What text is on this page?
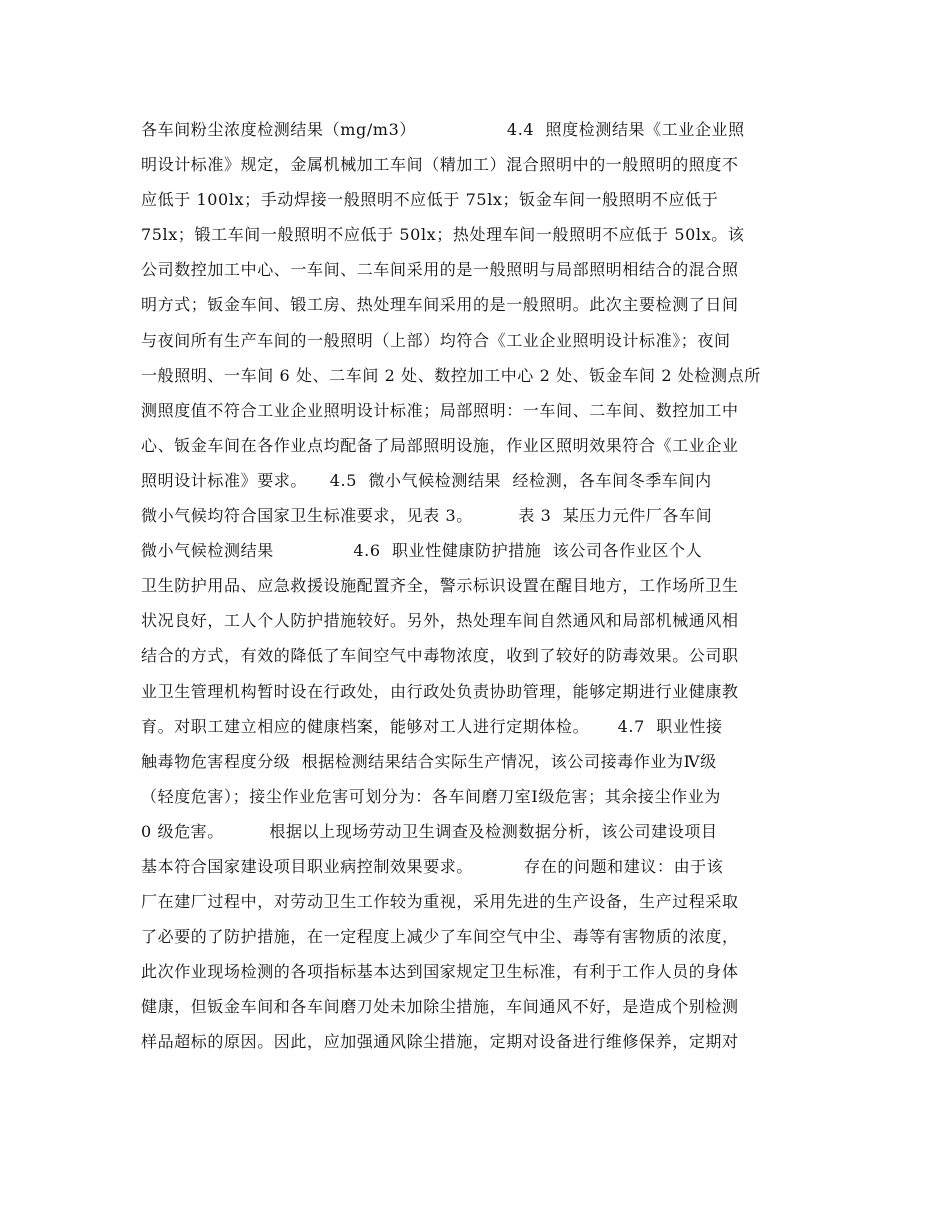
各车间粉尘浓度检测结果（mg/m3）                4.4  照度检测结果《工业企业照
明设计标准》规定，金属机械加工车间（精加工）混合照明中的一般照明的照度不
应低于 100lx；手动焊接一般照明不应低于 75lx；钣金车间一般照明不应低于
75lx；锻工车间一般照明不应低于 50lx；热处理车间一般照明不应低于 50lx。该
公司数控加工中心、一车间、二车间采用的是一般照明与局部照明相结合的混合照
明方式；钣金车间、锻工房、热处理车间采用的是一般照明。此次主要检测了日间
与夜间所有生产车间的一般照明（上部）均符合《工业企业照明设计标准》；夜间
一般照明、一车间 6 处、二车间 2 处、数控加工中心 2 处、钣金车间 2 处检测点所
测照度值不符合工业企业照明设计标准；局部照明：一车间、二车间、数控加工中
心、钣金车间在各作业点均配备了局部照明设施，作业区照明效果符合《工业企业
照明设计标准》要求。    4.5  微小气候检测结果  经检测，各车间冬季车间内
微小气候均符合国家卫生标准要求，见表 3。        表 3  某压力元件厂各车间
微小气候检测结果              4.6  职业性健康防护措施  该公司各作业区个人
卫生防护用品、应急救援设施配置齐全，警示标识设置在醒目地方，工作场所卫生
状况良好，工人个人防护措施较好。另外，热处理车间自然通风和局部机械通风相
结合的方式，有效的降低了车间空气中毒物浓度，收到了较好的防毒效果。公司职
业卫生管理机构暂时设在行政处，由行政处负责协助管理，能够定期进行业健康教
育。对职工建立相应的健康档案，能够对工人进行定期体检。     4.7  职业性接
触毒物危害程度分级  根据检测结果结合实际生产情况，该公司接毒作业为Ⅳ级
（轻度危害）；接尘作业危害可划分为：各车间磨刀室Ⅰ级危害；其余接尘作业为
0 级危害。        根据以上现场劳动卫生调查及检测数据分析，该公司建设项目
基本符合国家建设项目职业病控制效果要求。         存在的问题和建议：由于该
厂在建厂过程中，对劳动卫生工作较为重视，采用先进的生产设备，生产过程采取
了必要的了防护措施，在一定程度上减少了车间空气中尘、毒等有害物质的浓度，
此次作业现场检测的各项指标基本达到国家规定卫生标准，有利于工作人员的身体
健康，但钣金车间和各车间磨刀处未加除尘措施，车间通风不好，是造成个别检测
样品超标的原因。因此，应加强通风除尘措施，定期对设备进行维修保养，定期对
